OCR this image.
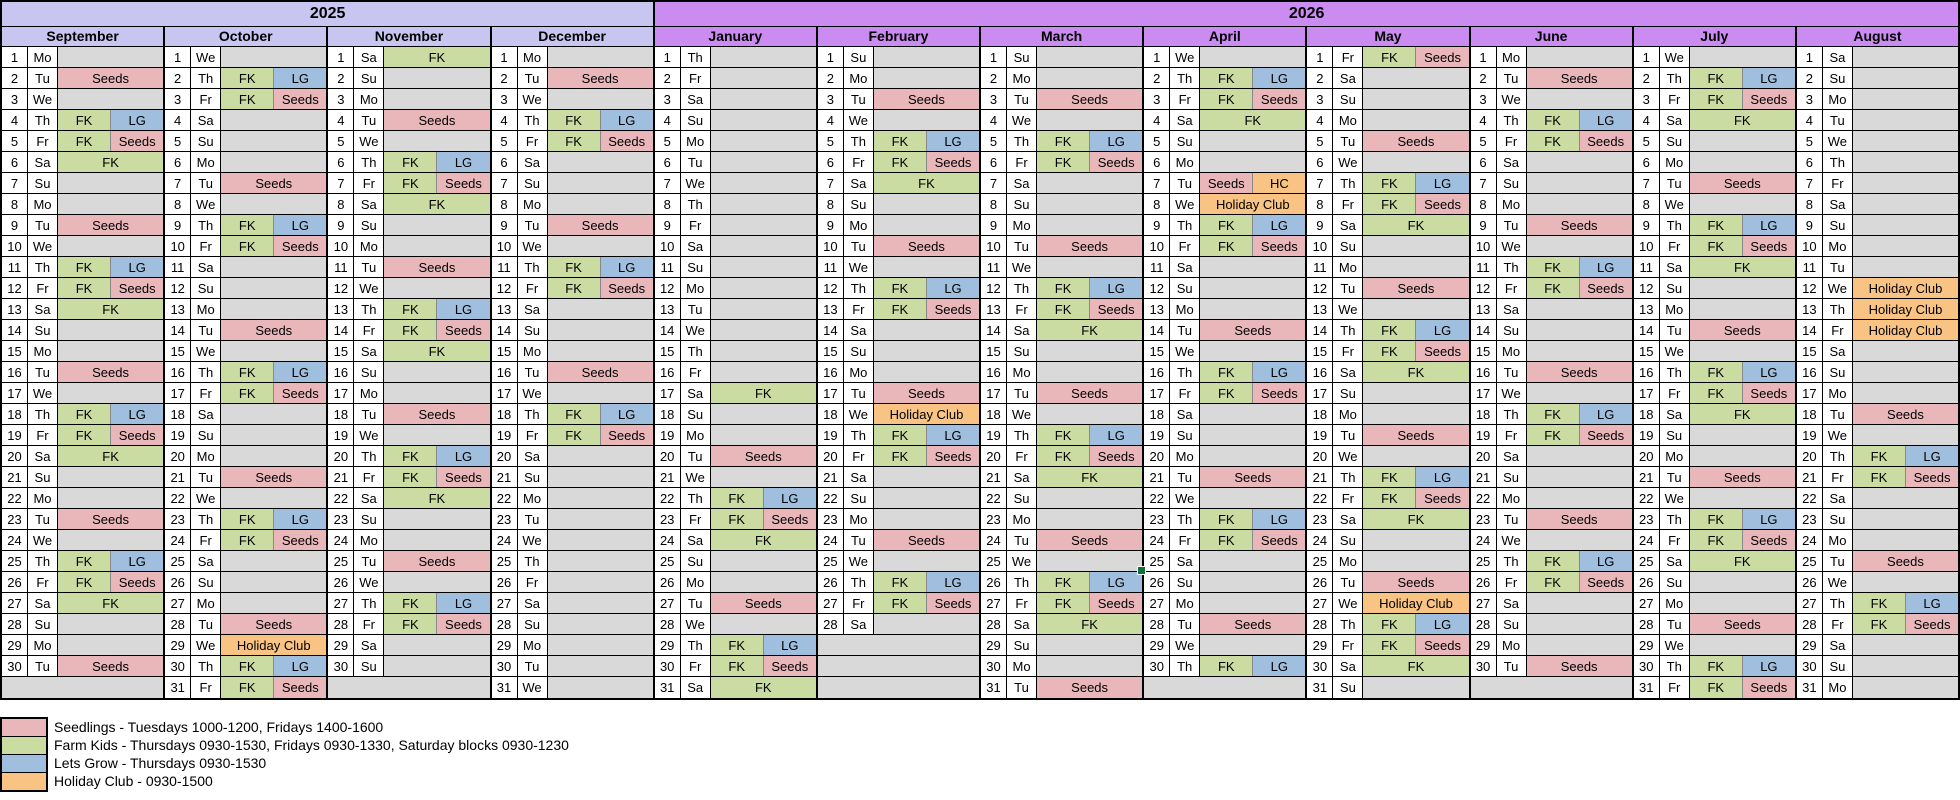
2025	2026
September
1	Mo
2	Tu	Seeds
3	We
4	Th	FK	LG
5	Fr	FK	Seeds
6	Sa	FK
7	Su
8	Mo
9	Tu	Seeds
10 We
11	Th	FK	LG
12	Fr	FK	Seeds
13 Sa	FK
14 Su
15 Mo
16	Tu	Seeds
17 We
18	Th	FK	LG
19	Fr	FK	Seeds
20 Sa	FK
21 Su
22 Mo
23	Tu	Seeds
24 We
25	Th	FK	LG
26	Fr	FK	Seeds
27 Sa	FK
28 Su
29 Mo
30	Tu	Seeds
October
1	We
2	Th	FK	LG
3	Fr	FK	Seeds
4	Sa
5	Su
6	Mo
7	Tu	Seeds
8	We
9	Th	FK	LG
10	Fr	FK	Seeds
11	Sa
12 Su
13 Mo
14	Tu	Seeds
15 We
16	Th	FK	LG
17	Fr	FK	Seeds
18 Sa
19 Su
20 Mo
21	Tu	Seeds
22 We
23	Th	FK	LG
24	Fr	FK	Seeds
25 Sa
26 Su
27 Mo
28	Tu	Seeds
29 We	Holiday Club
30	Th	FK	LG
31	Fr	FK	Seeds
November
1	Sa	FK
2	Su
3	Mo
4	Tu	Seeds
5	We
6	Th	FK	LG
7	Fr	FK	Seeds
8	Sa	FK
9	Su
10 Mo
11	Tu	Seeds
12 We
13	Th	FK	LG
14	Fr	FK	Seeds
15 Sa	FK
16 Su
17 Mo
18	Tu	Seeds
19 We
20	Th	FK	LG
21	Fr	FK	Seeds
22 Sa	FK
23 Su
24 Mo
25	Tu	Seeds
26 We
27	Th	FK	LG
28	Fr	FK	Seeds
29 Sa
30 Su
December
1	Mo
2	Tu	Seeds
3	We
4	Th	FK	LG
5	Fr	FK	Seeds
6	Sa
7	Su
8	Mo
9	Tu	Seeds
10 We
11	Th	FK	LG
12	Fr	FK	Seeds
13 Sa
14 Su
15 Mo
16	Tu	Seeds
17 We
18	Th	FK	LG
19	Fr	FK	Seeds
20 Sa
21 Su
22 Mo
23	Tu
24 We
25	Th
26	Fr
27 Sa
28 Su
29 Mo
30	Tu
31 We
January
1	Th
2	Fr
3	Sa
4	Su
5	Mo
6	Tu
7	We
8	Th
9	Fr
10 Sa
11	Su
12 Mo
13	Tu
14 We
15	Th
16	Fr
17 Sa	FK
18 Su
19 Mo
20	Tu	Seeds
21 We
22	Th	FK	LG
23	Fr	FK	Seeds
24 Sa	FK
25 Su
26 Mo
27	Tu	Seeds
28 We
29	Th	FK	LG
30	Fr	FK	Seeds
31 Sa	FK
February
1	Su
2	Mo
3	Tu	Seeds
4	We
5	Th	FK	LG
6	Fr	FK	Seeds
7	Sa	FK
8	Su
9	Mo
10	Tu	Seeds
11 We
12	Th	FK	LG
13	Fr	FK	Seeds
14 Sa
15 Su
16 Mo
17	Tu	Seeds
18 We	Holiday Club
19	Th	FK	LG
20	Fr	FK	Seeds
21 Sa
22 Su
23 Mo
24	Tu	Seeds
25 We
26	Th	FK	LG
27	Fr	FK	Seeds
28 Sa
March
1	Su
2	Mo
3	Tu	Seeds
4	We
5	Th	FK	LG
6	Fr	FK	Seeds
7	Sa
8	Su
9	Mo
10	Tu	Seeds
11 We
12	Th	FK	LG
13	Fr	FK	Seeds
14 Sa	FK
15 Su
16 Mo
17	Tu	Seeds
18 We
19	Th	FK	LG
20	Fr	FK	Seeds
21 Sa	FK
22 Su
23 Mo
24	Tu	Seeds
25 We
26	Th	FK	LG
27	Fr	FK	Seeds
28 Sa	FK
29 Su
30 Mo
31	Tu	Seeds
April
1	We
2	Th	FK	LG
3	Fr	FK	Seeds
4	Sa	FK
5	Su
6	Mo
7	Tu	Seeds	HC
8	We	Holiday Club
9	Th	FK	LG
10	Fr	FK	Seeds
11	Sa
12 Su
13 Mo
14	Tu	Seeds
15 We
16	Th	FK	LG
17	Fr	FK	Seeds
18 Sa
19 Su
20 Mo
21	Tu	Seeds
22 We
23	Th	FK	LG
24	Fr	FK	Seeds
25 Sa
26 Su
27 Mo
28	Tu	Seeds
29 We
30	Th	FK	LG
May
1	Fr	FK	Seeds
2	Sa
3	Su
4	Mo
5	Tu	Seeds
6	We
7	Th	FK	LG
8	Fr	FK	Seeds
9	Sa	FK
10 Su
11 Mo
12	Tu	Seeds
13 We
14	Th	FK	LG
15	Fr	FK	Seeds
16 Sa	FK
17 Su
18 Mo
19	Tu	Seeds
20 We
21	Th	FK	LG
22	Fr	FK	Seeds
23 Sa	FK
24 Su
25 Mo
26	Tu	Seeds
27 We	Holiday Club
28	Th	FK	LG
29	Fr	FK	Seeds
30 Sa	FK
31 Su
June
1	Mo
2	Tu	Seeds
3	We
4	Th	FK	LG
5	Fr	FK	Seeds
6	Sa
7	Su
8	Mo
9	Tu	Seeds
10 We
11	Th	FK	LG
12	Fr	FK	Seeds
13 Sa
14 Su
15 Mo
16	Tu	Seeds
17 We
18	Th	FK	LG
19	Fr	FK	Seeds
20 Sa
21 Su
22 Mo
23	Tu	Seeds
24 We
25	Th	FK	LG
26	Fr	FK	Seeds
27 Sa
28 Su
29 Mo
30	Tu	Seeds
July
1	We
2	Th	FK	LG
3	Fr	FK	Seeds
4	Sa	FK
5	Su
6	Mo
7	Tu	Seeds
8	We
9	Th	FK	LG
10	Fr	FK	Seeds
11	Sa	FK
12 Su
13 Mo
14	Tu	Seeds
15 We
16	Th	FK	LG
17	Fr	FK	Seeds
18 Sa	FK
19 Su
20 Mo
21	Tu	Seeds
22 We
23	Th	FK	LG
24	Fr	FK	Seeds
25 Sa	FK
26 Su
27 Mo
28	Tu	Seeds
29 We
30	Th	FK	LG
31	Fr	FK	Seeds
August
1	Sa
2	Su
3	Mo
4	Tu
5	We
6	Th
7	Fr
8	Sa
9	Su
10 Mo
11	Tu
12 We	Holiday Club
13	Th	Holiday Club
14	Fr	Holiday Club
15 Sa
16 Su
17 Mo
18	Tu	Seeds
19 We
20	Th	FK	LG
21	Fr	FK	Seeds
22 Sa
23 Su
24 Mo
25	Tu	Seeds
26 We
27	Th	FK	LG
28	Fr	FK	Seeds
29 Sa
30 Su
31 Mo
Seedlings - Tuesdays 1000-1200, Fridays 1400-1600
Farm Kids - Thursdays 0930-1530, Fridays 0930-1330, Saturday blocks 0930-1230
Lets Grow - Thursdays 0930-1530
Holiday Club - 0930-1500
